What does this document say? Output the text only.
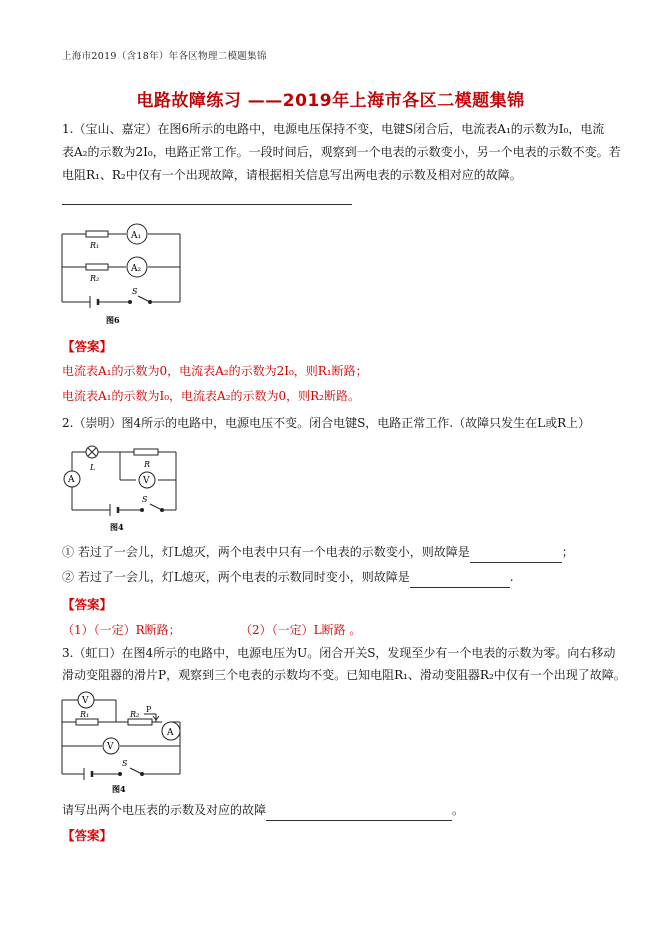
上海市2019（含18年）年各区物理二模题集锦
电路故障练习 ——2019年上海市各区二模题集锦
1.（宝山、嘉定）在图6所示的电路中，电源电压保持不变，电键S闭合后，电流表A₁的示数为I₀，电流
表A₂的示数为2I₀，电路正常工作。一段时间后，观察到一个电表的示数变小，另一个电表的示数不变。若
电阻R₁、R₂中仅有一个出现故障，请根据相关信息写出两电表的示数及相对应的故障。
R₁
R₂
A₁
A₂
S
图6
【答案】
电流表A₁的示数为0，电流表A₂的示数为2I₀，则R₁断路；
电流表A₁的示数为I₀，电流表A₂的示数为0，则R₂断路。
2.（崇明）图4所示的电路中，电源电压不变。闭合电键S，电路正常工作.（故障只发生在L或R上）
L	R
A	V
S
图4
① 若过了一会儿，灯L熄灭，两个电表中只有一个电表的示数变小，则故障是	；
② 若过了一会儿，灯L熄灭，两个电表的示数同时变小，则故障是	.
【答案】
（1）（一定）R断路；	（2）（一定）L断路 。
3.（虹口）在图4所示的电路中，电源电压为U。闭合开关S，发现至少有一个电表的示数为零。向右移动
滑动变阻器的滑片P，观察到三个电表的示数均不变。已知电阻R₁、滑动变阻器R₂中仅有一个出现了故障。
V
V
A
R₁	R₂
P
S
图4
请写出两个电压表的示数及对应的故障	。
【答案】
